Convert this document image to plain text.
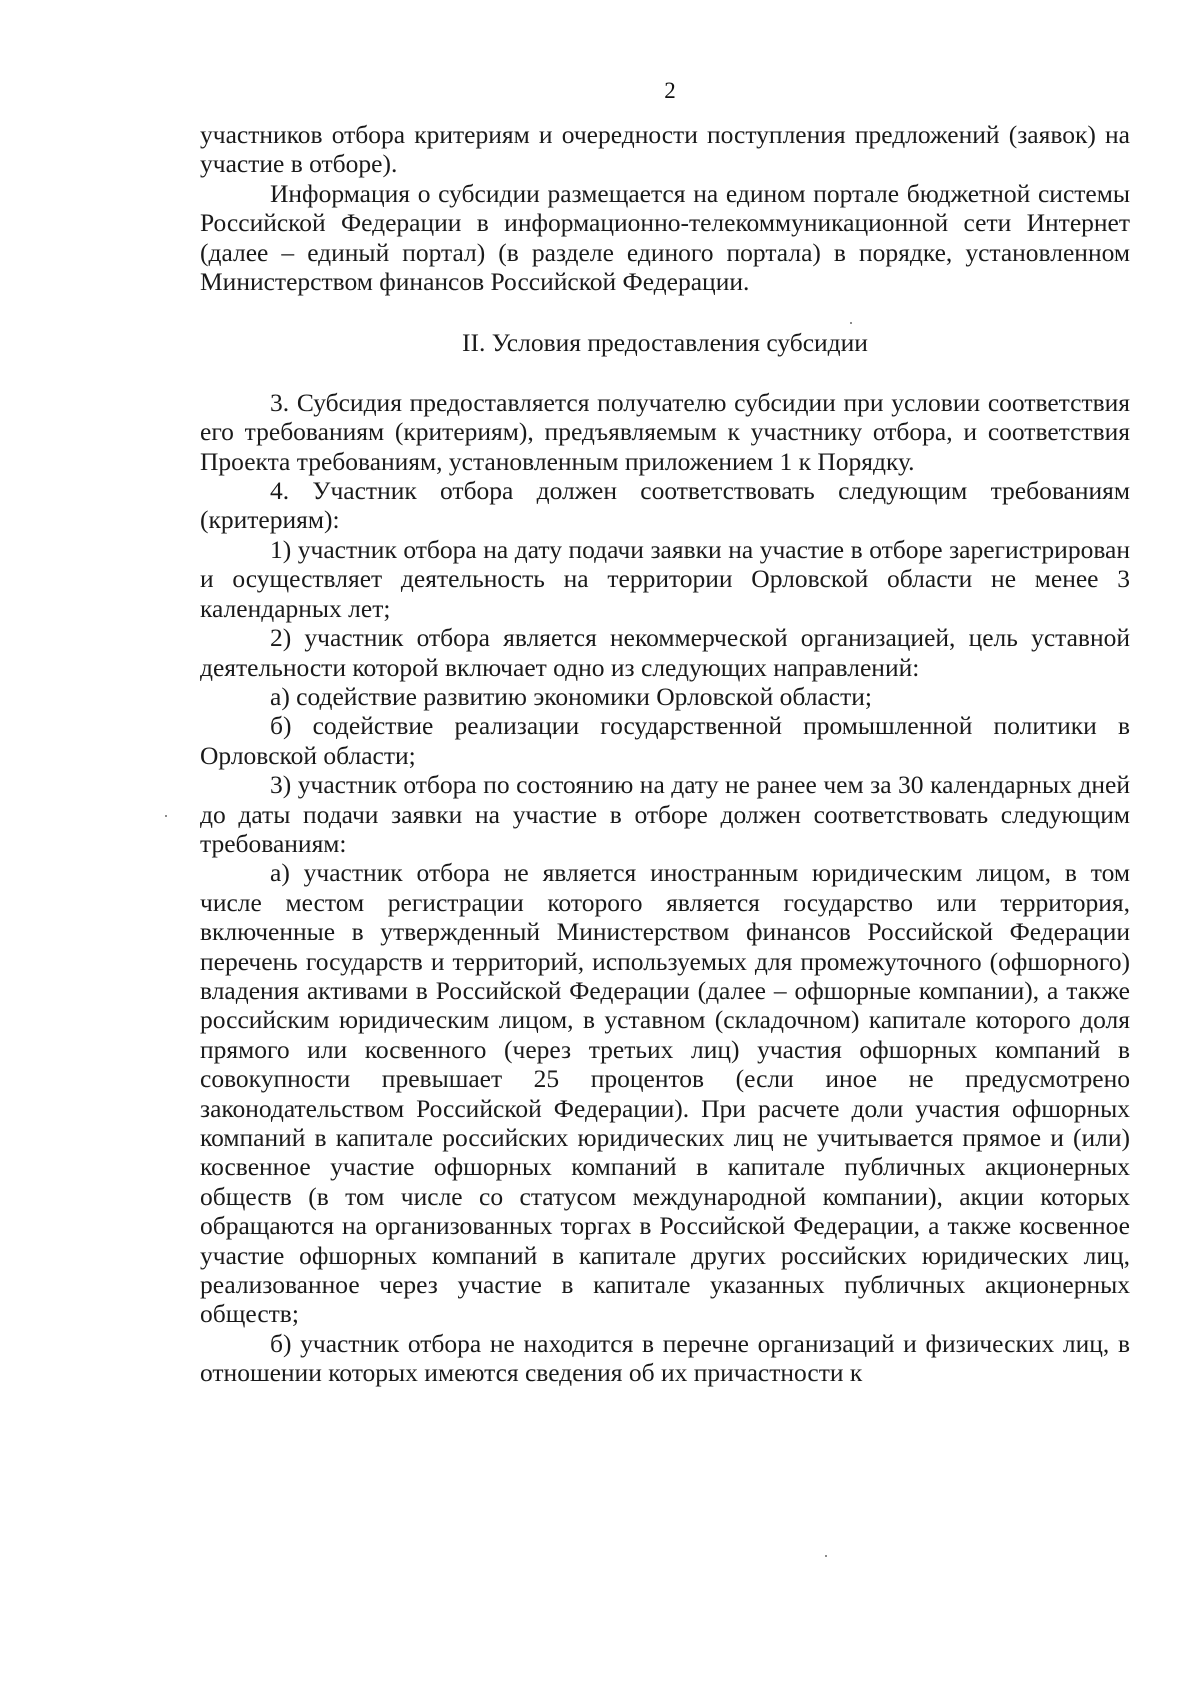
2

участников отбора критериям и очередности поступления предложений (заявок) на участие в отборе).

Информация о субсидии размещается на едином портале бюджетной системы Российской Федерации в информационно-телекоммуникационной сети Интернет (далее – единый портал) (в разделе единого портала) в порядке, установленном Министерством финансов Российской Федерации.

II. Условия предоставления субсидии

3. Субсидия предоставляется получателю субсидии при условии соответствия его требованиям (критериям), предъявляемым к участнику отбора, и соответствия Проекта требованиям, установленным приложением 1 к Порядку.

4. Участник отбора должен соответствовать следующим требованиям (критериям):

1) участник отбора на дату подачи заявки на участие в отборе зарегистрирован и осуществляет деятельность на территории Орловской области не менее 3 календарных лет;

2) участник отбора является некоммерческой организацией, цель уставной деятельности которой включает одно из следующих направлений:

а) содействие развитию экономики Орловской области;

б) содействие реализации государственной промышленной политики в Орловской области;

3) участник отбора по состоянию на дату не ранее чем за 30 календарных дней до даты подачи заявки на участие в отборе должен соответствовать следующим требованиям:

а) участник отбора не является иностранным юридическим лицом, в том числе местом регистрации которого является государство или территория, включенные в утвержденный Министерством финансов Российской Федерации перечень государств и территорий, используемых для промежуточного (офшорного) владения активами в Российской Федерации (далее – офшорные компании), а также российским юридическим лицом, в уставном (складочном) капитале которого доля прямого или косвенного (через третьих лиц) участия офшорных компаний в совокупности превышает 25 процентов (если иное не предусмотрено законодательством Российской Федерации). При расчете доли участия офшорных компаний в капитале российских юридических лиц не учитывается прямое и (или) косвенное участие офшорных компаний в капитале публичных акционерных обществ (в том числе со статусом международной компании), акции которых обращаются на организованных торгах в Российской Федерации, а также косвенное участие офшорных компаний в капитале других российских юридических лиц, реализованное через участие в капитале указанных публичных акционерных обществ;

б) участник отбора не находится в перечне организаций и физических лиц, в отношении которых имеются сведения об их причастности к
